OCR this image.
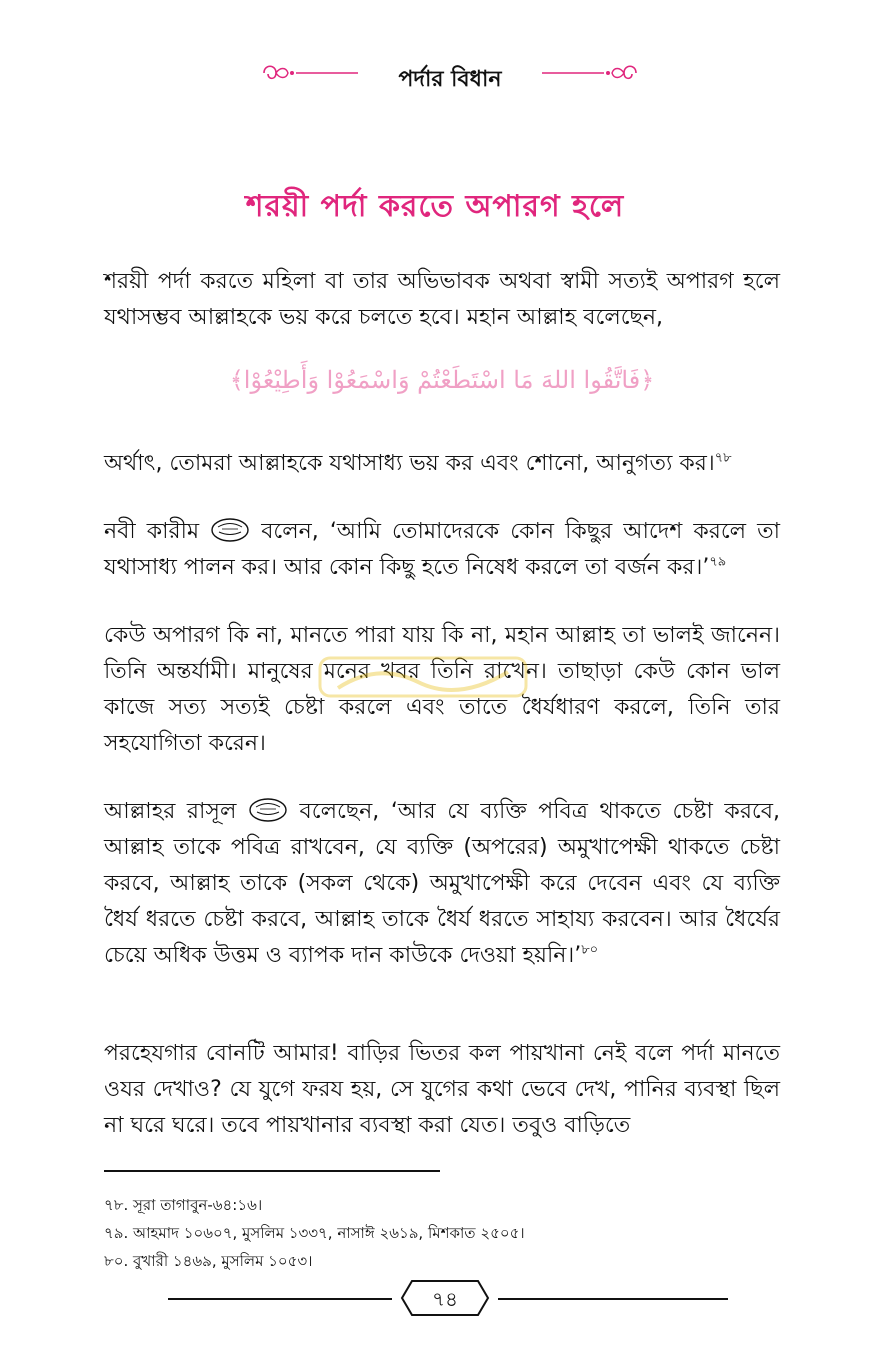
পর্দার বিধান
শরয়ী পর্দা করতে অপারগ হলে
শরয়ী পর্দা করতে মহিলা বা তার অভিভাবক অথবা স্বামী সত্যই অপারগ হলে যথাসম্ভব আল্লাহকে ভয় করে চলতে হবে। মহান আল্লাহ বলেছেন,
﴿فَاتَّقُوا اللهَ مَا اسْتَطَعْتُمْ وَاسْمَعُوْا وَأَطِيْعُوْا﴾
অর্থাৎ, তোমরা আল্লাহকে যথাসাধ্য ভয় কর এবং শোনো, আনুগত্য কর।$^{৭৮}$
নবী কারীম	বলেন, ‘আমি তোমাদেরকে কোন কিছুর আদেশ করলে তা যথাসাধ্য পালন কর। আর কোন কিছু হতে নিষেধ করলে তা বর্জন কর।’$^{৭৯}$
কেউ অপারগ কি না, মানতে পারা যায় কি না, মহান আল্লাহ তা ভালই জানেন। তিনি অন্তর্যামী। মানুষের মনের খবর তিনি রাখেন। তাছাড়া কেউ কোন ভাল কাজে সত্য সত্যই চেষ্টা করলে এবং তাতে ধৈর্যধারণ করলে, তিনি তার সহযোগিতা করেন।
আল্লাহর রাসূল	বলেছেন, ‘আর যে ব্যক্তি পবিত্র থাকতে চেষ্টা করবে, আল্লাহ তাকে পবিত্র রাখবেন, যে ব্যক্তি (অপরের) অমুখাপেক্ষী থাকতে চেষ্টা করবে, আল্লাহ তাকে (সকল থেকে) অমুখাপেক্ষী করে দেবেন এবং যে ব্যক্তি ধৈর্য ধরতে চেষ্টা করবে, আল্লাহ তাকে ধৈর্য ধরতে সাহায্য করবেন। আর ধৈর্যের চেয়ে অধিক উত্তম ও ব্যাপক দান কাউকে দেওয়া হয়নি।’$^{৮০}$
পরহেযগার বোনটি আমার! বাড়ির ভিতর কল পায়খানা নেই বলে পর্দা মানতে ওযর দেখাও? যে যুগে ফরয হয়, সে যুগের কথা ভেবে দেখ, পানির ব্যবস্থা ছিল না ঘরে ঘরে। তবে পায়খানার ব্যবস্থা করা যেত। তবুও বাড়িতে
৭৮. সূরা তাগাবুন-৬৪:১৬।
৭৯. আহমাদ ১০৬০৭, মুসলিম ১৩৩৭, নাসাঈ ২৬১৯, মিশকাত ২৫০৫।
৮০. বুখারী ১৪৬৯, মুসলিম ১০৫৩।
৭৪
